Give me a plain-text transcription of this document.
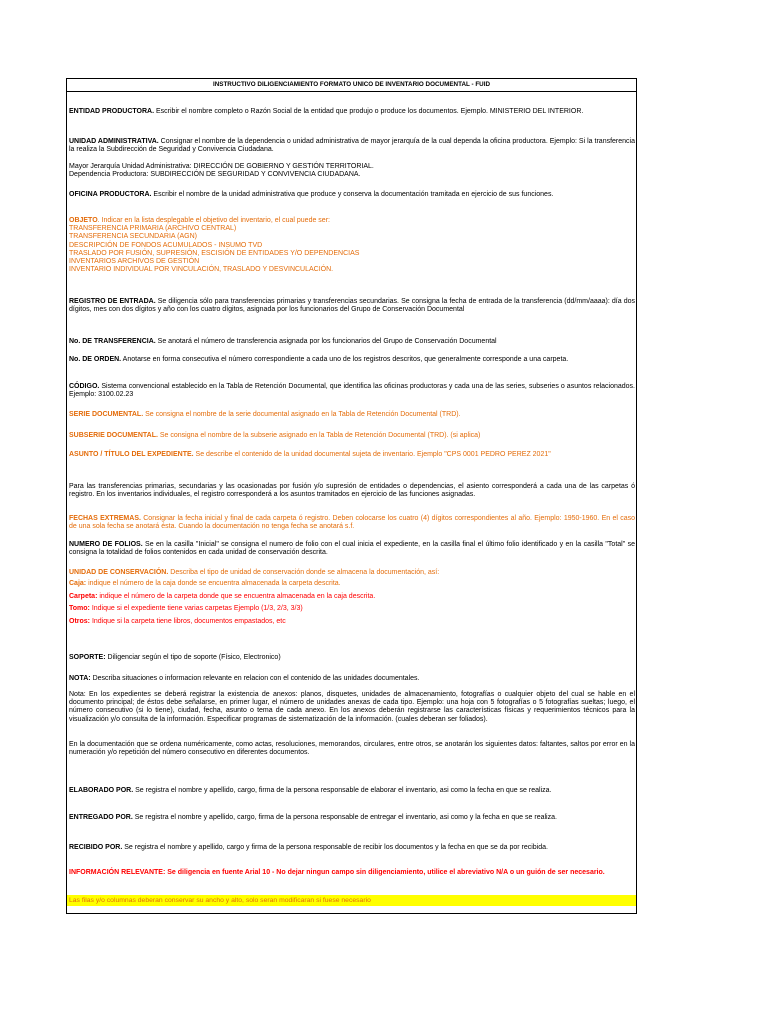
INSTRUCTIVO DILIGENCIAMIENTO FORMATO UNICO DE INVENTARIO DOCUMENTAL - FUID
ENTIDAD PRODUCTORA. Escribir el nombre completo o Razón Social de la entidad que produjo o produce los documentos. Ejemplo. MINISTERIO DEL INTERIOR.
UNIDAD ADMINISTRATIVA. Consignar el nombre de la dependencia o unidad administrativa de mayor jerarquía de la cual dependa la oficina productora. Ejemplo: Si la transferencia la realiza la Subdirección de Seguridad y Convivencia Ciudadana.
Mayor Jerarquía Unidad Administrativa: DIRECCIÓN DE GOBIERNO Y GESTIÓN TERRITORIAL.
Dependencia Productora: SUBDIRECCIÓN DE SEGURIDAD Y CONVIVENCIA CIUDADANA.
OFICINA PRODUCTORA. Escribir el nombre de la unidad administrativa que produce y conserva la documentación tramitada en ejercicio de sus funciones.
OBJETO. Indicar en la lista desplegable el objetivo del inventario, el cual puede ser:
TRANSFERENCIA PRIMARIA (ARCHIVO CENTRAL)
TRANSFERENCIA SECUNDARIA (AGN)
DESCRIPCIÓN DE FONDOS ACUMULADOS - INSUMO TVD
TRASLADO POR FUSIÓN, SUPRESIÓN, ESCISIÓN DE ENTIDADES Y/O DEPENDENCIAS
INVENTARIOS ARCHIVOS DE GESTIÓN
INVENTARIO INDIVIDUAL POR VINCULACIÓN, TRASLADO Y DESVINCULACIÓN.
REGISTRO DE ENTRADA. Se diligencia sólo para transferencias primarias y transferencias secundarias. Se consigna la fecha de entrada de la transferencia (dd/mm/aaaa): día dos dígitos, mes con dos dígitos y año con los cuatro dígitos, asignada por los funcionarios del Grupo de Conservación Documental
No. DE TRANSFERENCIA. Se anotará el número de transferencia asignada por los funcionarios del Grupo de Conservación Documental
No. DE ORDEN. Anotarse en forma consecutiva el número correspondiente a cada uno de los registros descritos, que generalmente corresponde a una carpeta.
CÓDIGO. Sistema convencional establecido en la Tabla de Retención Documental, que identifica las oficinas productoras y cada una de las series, subseries o asuntos relacionados. Ejemplo: 3100.02.23
SERIE DOCUMENTAL. Se consigna el nombre de la serie documental asignado en la Tabla de Retención Documental (TRD).
SUBSERIE DOCUMENTAL. Se consigna el nombre de la subserie asignado en la Tabla de Retención Documental (TRD). (si aplica)
ASUNTO / TÍTULO DEL EXPEDIENTE. Se describe el contenido de la unidad documental sujeta de inventario. Ejemplo "CPS 0001 PEDRO PEREZ 2021"
Para las transferencias primarias, secundarias y las ocasionadas por fusión y/o supresión de entidades o dependencias, el asiento corresponderá a cada una de las carpetas ó registro. En los inventarios individuales, el registro corresponderá a los asuntos tramitados en ejercicio de las funciones asignadas.
FECHAS EXTREMAS. Consignar la fecha inicial y final de cada carpeta ó registro. Deben colocarse los cuatro (4) dígitos correspondientes al año. Ejemplo: 1950-1960. En el caso de una sola fecha se anotará ésta. Cuando la documentación no tenga fecha se anotará s.f.
NUMERO DE FOLIOS. Se en la casilla "Inicial" se consigna el numero de folio con el cual inicia el expediente, en la casilla final el último folio identificado y en la casilla "Total" se consigna la totalidad de folios contenidos en cada unidad de conservación descrita.
UNIDAD DE CONSERVACIÓN. Describa el tipo de unidad de conservación donde se almacena la documentación, así:
Caja: indique el número de la caja donde se encuentra almacenada la carpeta descrita.
Carpeta: indique el número de la carpeta donde que se encuentra almacenada en la caja descrita.
Tomo: Indique si el expediente tiene varias carpetas Ejemplo (1/3, 2/3, 3/3)
Otros: Indique si la carpeta tiene libros, documentos empastados, etc
SOPORTE: Diligenciar según el tipo de soporte (Físico, Electronico)
NOTA: Describa situaciones o informacion relevante en relacion con el contenido de las unidades documentales.
Nota: En los expedientes se deberá registrar la existencia de anexos: planos, disquetes, unidades de almacenamiento, fotografías o cualquier objeto del cual se hable en el documento principal; de éstos debe señalarse, en primer lugar, el número de unidades anexas de cada tipo. Ejemplo: una hoja con 5 fotografías o 5 fotografías sueltas; luego, el número consecutivo (si lo tiene), ciudad, fecha, asunto o tema de cada anexo. En los anexos deberán registrarse las características físicas y requerimientos técnicos para la visualización y/o consulta de la información. Especificar programas de sistematización de la información. (cuales deberan ser foliados).
En la documentación que se ordena numéricamente, como actas, resoluciones, memorandos, circulares, entre otros, se anotarán los siguientes datos: faltantes, saltos por error en la numeración y/o repetición del número consecutivo en diferentes documentos.
ELABORADO POR. Se registra el nombre y apellido, cargo, firma de la persona responsable de elaborar el inventario, asi como la fecha en que se realiza.
ENTREGADO POR. Se registra el nombre y apellido, cargo, firma de la persona responsable de entregar el inventario, asi como y la fecha en que se realiza.
RECIBIDO POR. Se registra el nombre y apellido, cargo y firma de la persona responsable de recibir los documentos y la fecha en que se da por recibida.
INFORMACIÓN RELEVANTE: Se diligencia en fuente Arial 10 - No dejar ningun campo sin diligenciamiento, utilice el abreviativo N/A o un guión de ser necesario.
Las filas y/o columnas deberan conservar su ancho y alto, solo seran modificaran si fuese necesario
